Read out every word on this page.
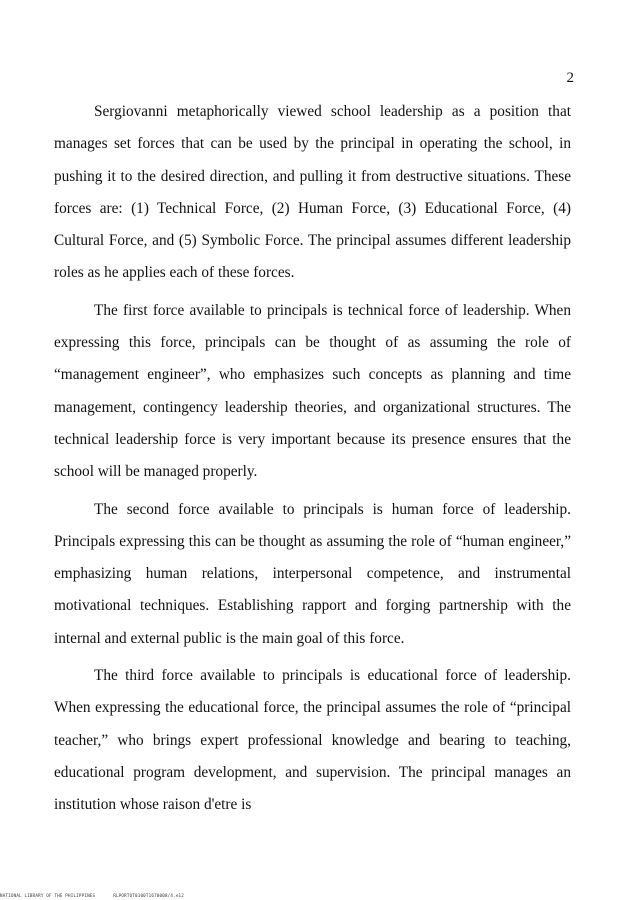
2

Sergiovanni metaphorically viewed school leadership as a position that manages set forces that can be used by the principal in operating the school, in pushing it to the desired direction, and pulling it from destructive situations. These forces are: (1) Technical Force, (2) Human Force, (3) Educational Force, (4) Cultural Force, and (5) Symbolic Force. The principal assumes different leadership roles as he applies each of these forces.

The first force available to principals is technical force of leadership. When expressing this force, principals can be thought of as assuming the role of “management engineer”, who emphasizes such concepts as planning and time management, contingency leadership theories, and organizational structures. The technical leadership force is very important because its presence ensures that the school will be managed properly.

The second force available to principals is human force of leadership. Principals expressing this can be thought as assuming the role of “human engineer,” emphasizing human relations, interpersonal competence, and instrumental motivational techniques. Establishing rapport and forging partnership with the internal and external public is the main goal of this force.

The third force available to principals is educational force of leadership. When expressing the educational force, the principal assumes the role of “principal teacher,” who brings expert professional knowledge and bearing to teaching, educational program development, and supervision. The principal manages an institution whose raison d'etre is

NATIONAL LIBRARY OF THE PHILIPPINES	RLPORTOT0100T1670008/4.e12
